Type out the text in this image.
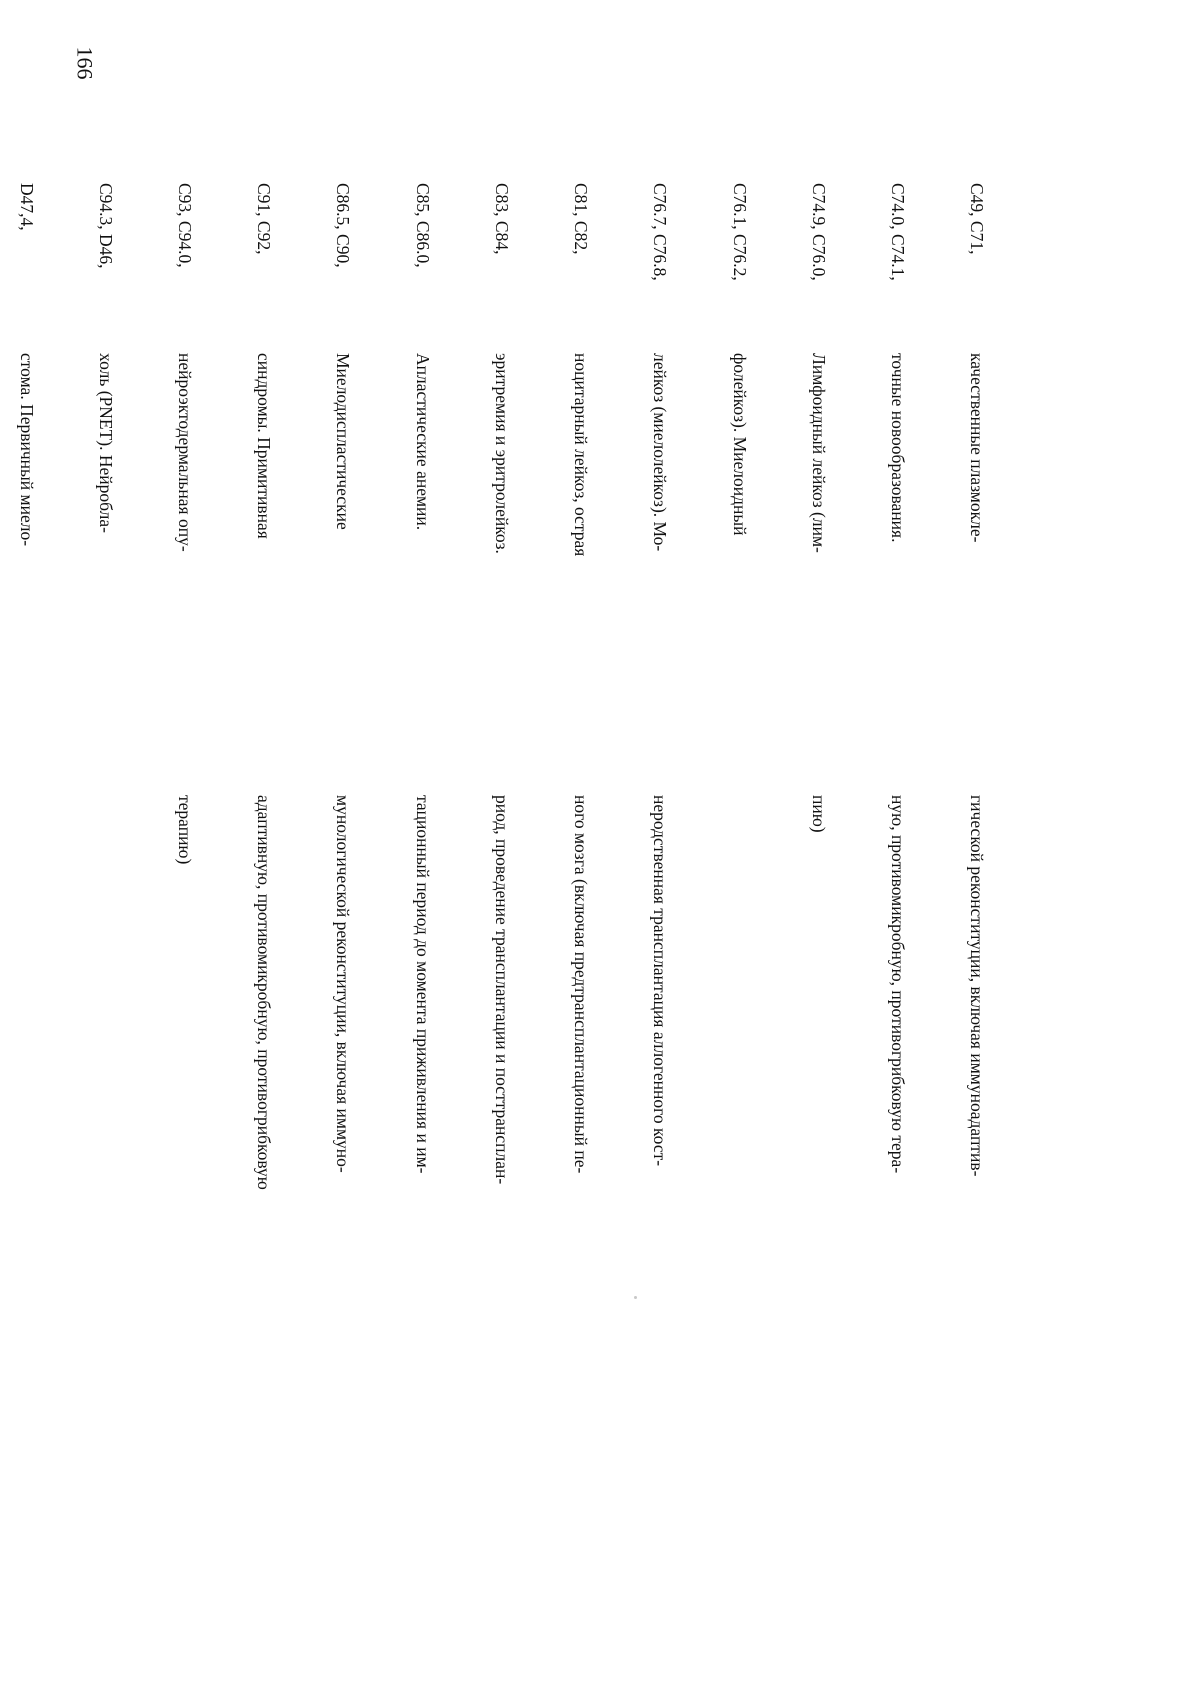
166

C49, C71,

C74.0, C74.1,

C74.9, C76.0,

C76.1, C76.2,

C76.7, C76.8,

C81, C82,

C83, C84,

C85, C86.0,

C86.5, C90,

C91, C92,

C93, C94.0,

C94.3, D46,

D47,4,

качественные плазмокле-

точные новообразования.

Лимфоидный лейкоз (лим-

фолейкоз). Миелоидный

лейкоз (миелолейкоз). Мо-

ноцитарный лейкоз, острая

эритремия и эритролейкоз.

Апластические анемии.

Миелодиспластические

синдромы. Примитивная

нейроэктодермальная опу-

холь (PNET). Нейробла-

стома. Первичный миело-

гической реконституции, включая иммуноадаптив-

ную, противомикробную, противогрибковую тера-

пию)

неродственная трансплантация аллогенного кост-

ного мозга (включая предтрансплантационный пе-

риод, проведение трансплантации и посттрансплан-

тационный период до момента приживления и им-

мунологической реконституции, включая иммуно-

адаптивную, противомикробную, противогрибковую

терапию)
